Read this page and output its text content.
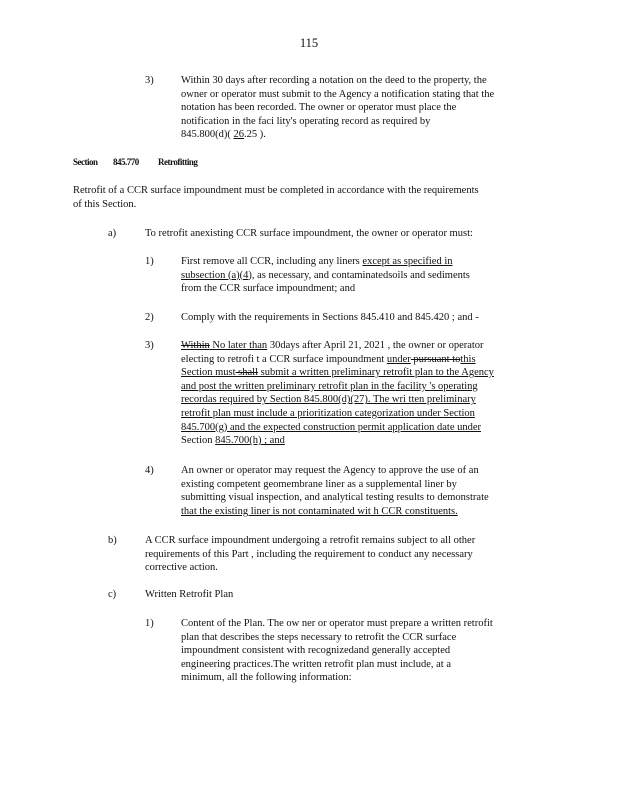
115
3)	Within 30 days after recording a notation on the deed to the property, the
owner or operator must submit to the Agency a notification stating that the
notation has been recorded. The owner or operator must place the
notification in the faci lity's operating record as required by
845.800(d)( 26.25 ).
Section 845.770 Retrofitting
Retrofit of a CCR surface impoundment must be completed in accordance with the requirements
of this Section.
a)	To retrofit anexisting CCR surface impoundment, the owner or operator must:
1)	First remove all CCR, including any liners except as specified in
subsection (a)(4), as necessary, and contaminatedsoils and sediments
from the CCR surface impoundment; and
2)	Comply with the requirements in Sections 845.410 and 845.420 ; and -
3)	Within No later than 30days after April 21, 2021 , the owner or operator
electing to retrofi t a CCR surface impoundment under pursuant tothis
Section must shall submit a written preliminary retrofit plan to the Agency
and post the written preliminary retrofit plan in the facility 's operating
recordas required by Section 845.800(d)(27). The wri tten preliminary
retrofit plan must include a prioritization categorization under Section
845.700(g) and the expected construction permit application date under
Section 845.700(h) ; and
4)	An owner or operator may request the Agency to approve the use of an
existing competent geomembrane liner as a supplemental liner by
submitting visual inspection, and analytical testing results to demonstrate
that the existing liner is not contaminated wit h CCR constituents.
b)	A CCR surface impoundment undergoing a retrofit remains subject to all other
requirements of this Part , including the requirement to conduct any necessary
corrective action.
c)	Written Retrofit Plan
1)	Content of the Plan. The ow ner or operator must prepare a written retrofit
plan that describes the steps necessary to retrofit the CCR surface
impoundment consistent with recognizedand generally accepted
engineering practices.The written retrofit plan must include, at a
minimum, all the following information:
